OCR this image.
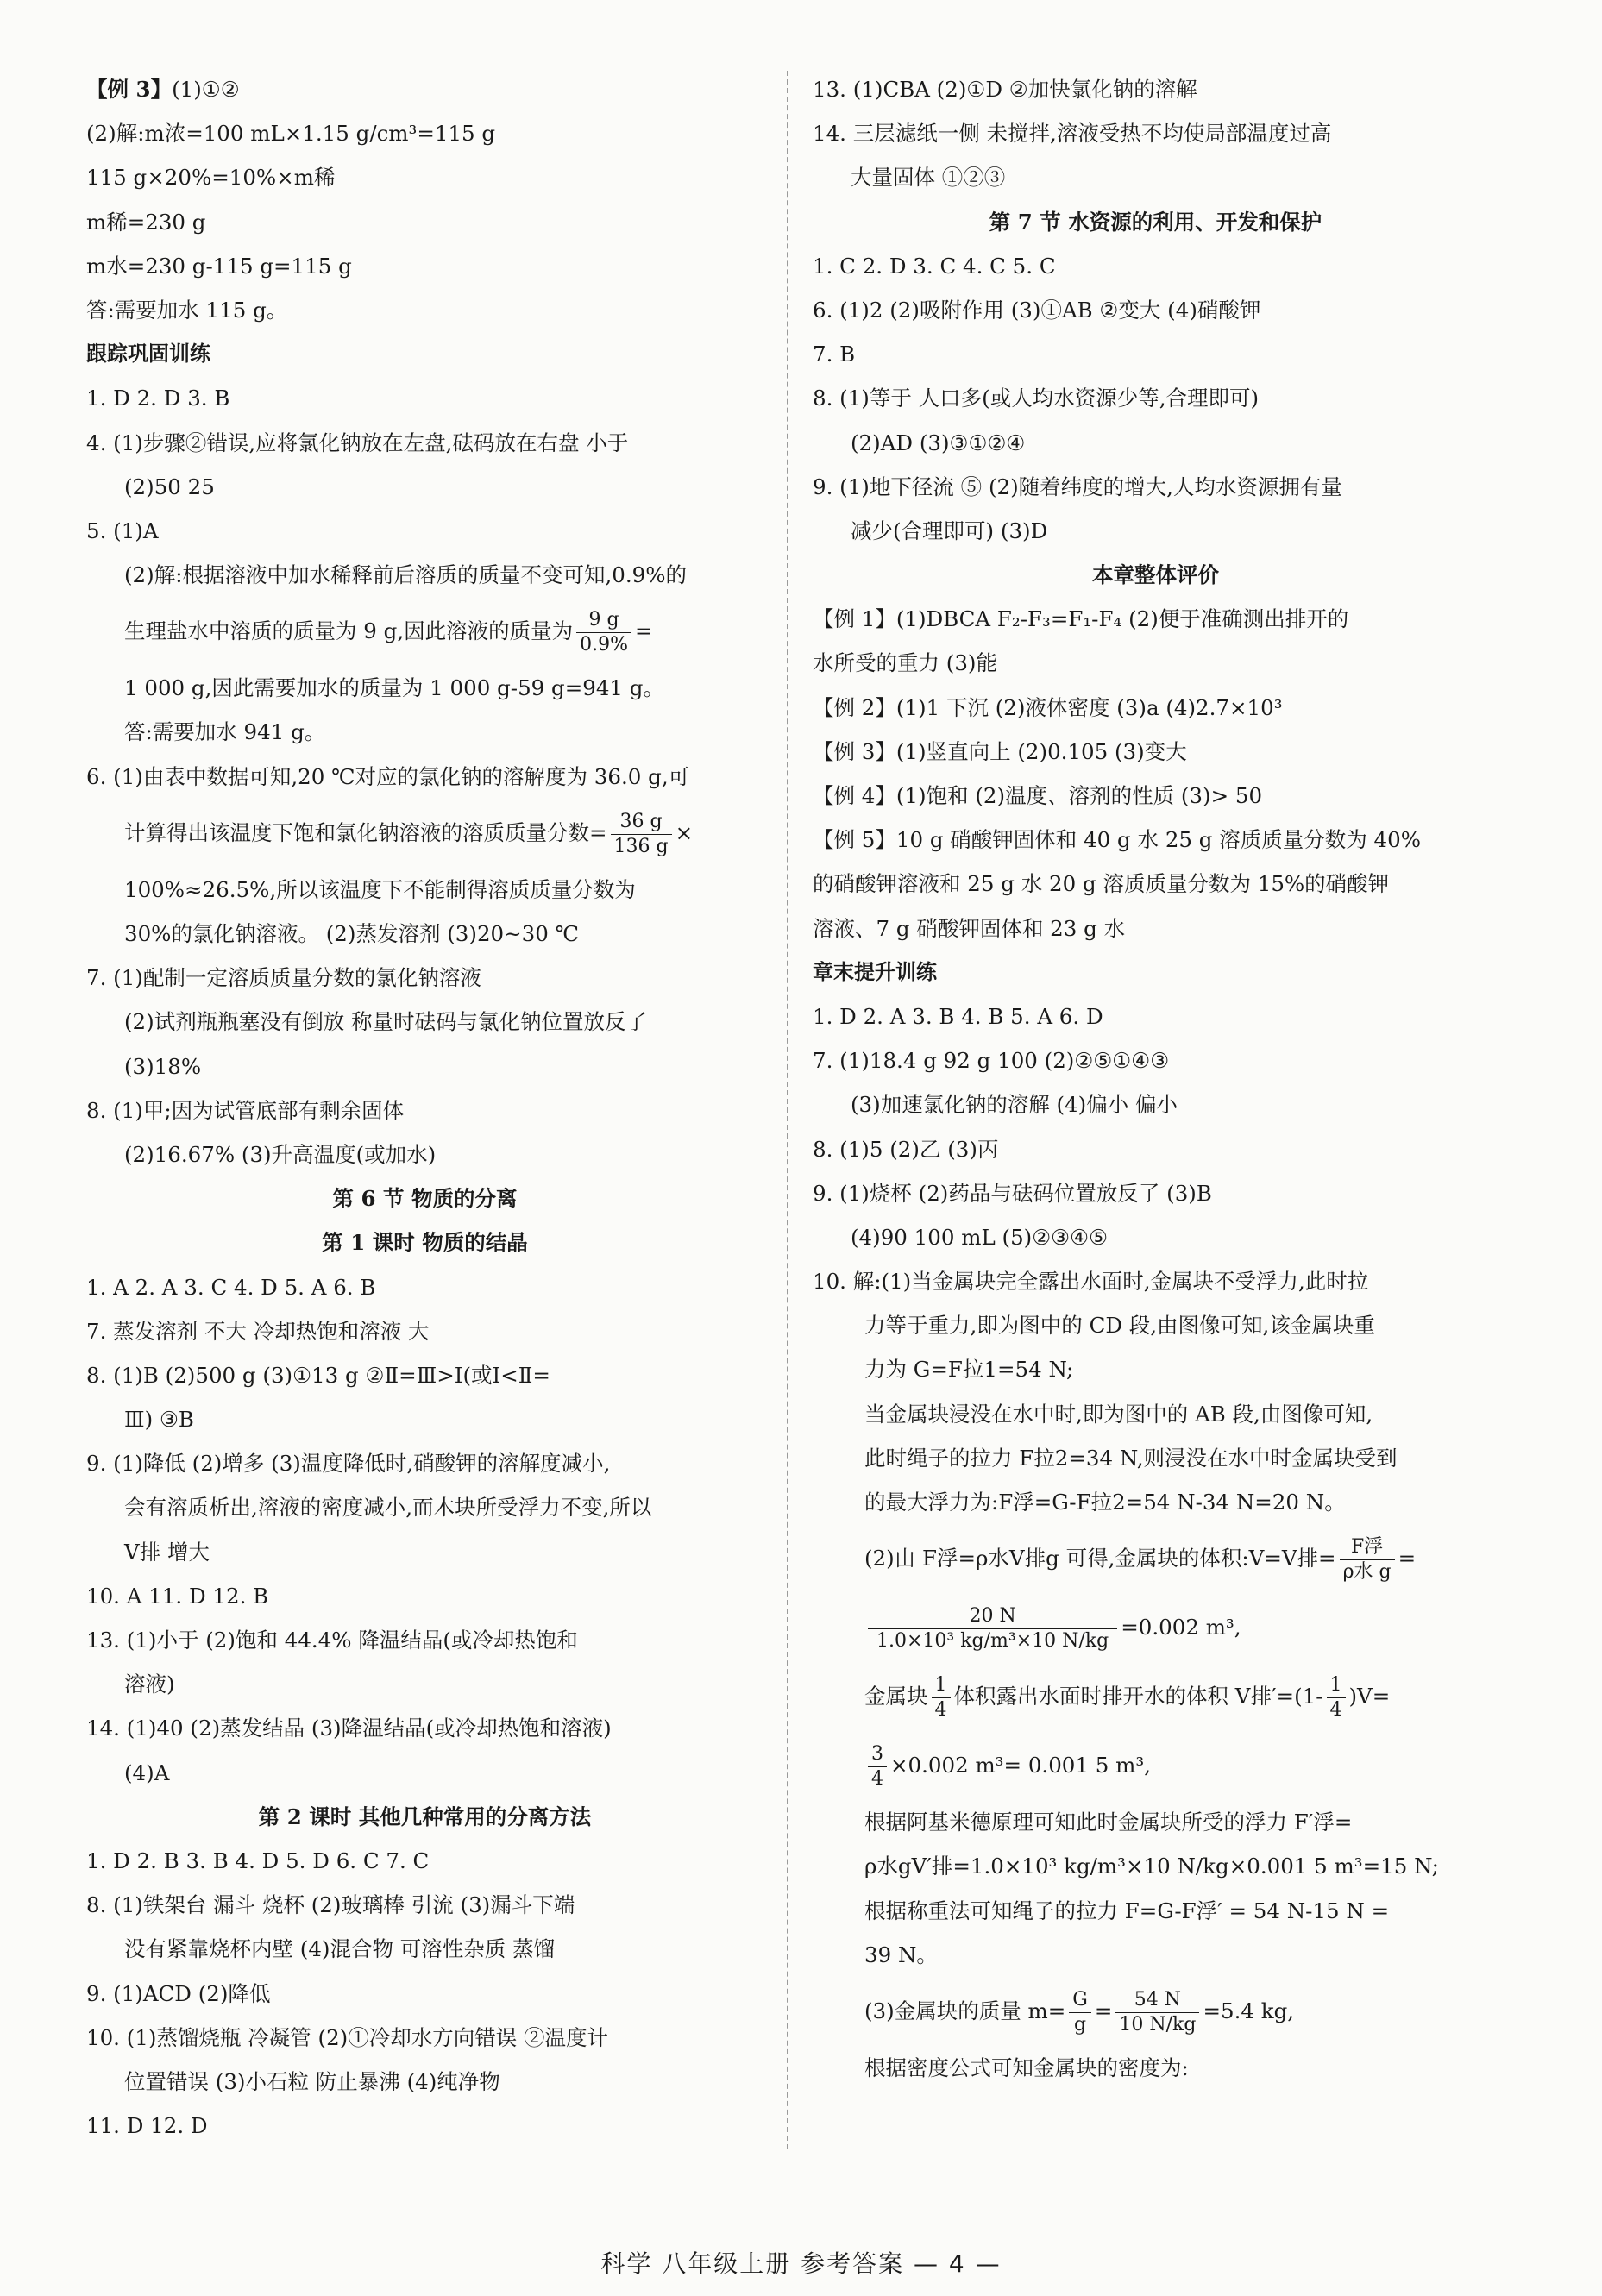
【例 3】(1)①②
(2)解:m浓=100 mL×1.15 g/cm³=115 g
115 g×20%=10%×m稀
m稀=230 g
m水=230 g-115 g=115 g
答:需要加水 115 g。
跟踪巩固训练
1. D 2. D 3. B
4. (1)步骤②错误,应将氯化钠放在左盘,砝码放在右盘 小于
(2)50 25
5. (1)A
(2)解:根据溶液中加水稀释前后溶质的质量不变可知,0.9%的
生理盐水中溶质的质量为 9 g,因此溶液的质量为 $\frac{9 g}{0.9\%}$ =
1 000 g,因此需要加水的质量为 1 000 g-59 g=941 g。
答:需要加水 941 g。
6. (1)由表中数据可知,20 ℃对应的氯化钠的溶解度为 36.0 g,可
计算得出该温度下饱和氯化钠溶液的溶质质量分数= $\frac{36 g}{136 g}$ ×
100%≈26.5%,所以该温度下不能制得溶质质量分数为
30%的氯化钠溶液。 (2)蒸发溶剂 (3)20~30 ℃
7. (1)配制一定溶质质量分数的氯化钠溶液
(2)试剂瓶瓶塞没有倒放 称量时砝码与氯化钠位置放反了
(3)18%
8. (1)甲;因为试管底部有剩余固体
(2)16.67% (3)升高温度(或加水)
第 6 节 物质的分离
第 1 课时 物质的结晶
1. A 2. A 3. C 4. D 5. A 6. B
7. 蒸发溶剂 不大 冷却热饱和溶液 大
8. (1)B (2)500 g (3)①13 g ②Ⅱ=Ⅲ>Ⅰ(或Ⅰ<Ⅱ=
Ⅲ) ③B
9. (1)降低 (2)增多 (3)温度降低时,硝酸钾的溶解度减小,
会有溶质析出,溶液的密度减小,而木块所受浮力不变,所以
V排 增大
10. A 11. D 12. B
13. (1)小于 (2)饱和 44.4% 降温结晶(或冷却热饱和
溶液)
14. (1)40 (2)蒸发结晶 (3)降温结晶(或冷却热饱和溶液)
(4)A
第 2 课时 其他几种常用的分离方法
1. D 2. B 3. B 4. D 5. D 6. C 7. C
8. (1)铁架台 漏斗 烧杯 (2)玻璃棒 引流 (3)漏斗下端
没有紧靠烧杯内壁 (4)混合物 可溶性杂质 蒸馏
9. (1)ACD (2)降低
10. (1)蒸馏烧瓶 冷凝管 (2)①冷却水方向错误 ②温度计
位置错误 (3)小石粒 防止暴沸 (4)纯净物
11. D 12. D
13. (1)CBA (2)①D ②加快氯化钠的溶解
14. 三层滤纸一侧 未搅拌,溶液受热不均使局部温度过高
大量固体 ①②③
第 7 节 水资源的利用、开发和保护
1. C 2. D 3. C 4. C 5. C
6. (1)2 (2)吸附作用 (3)①AB ②变大 (4)硝酸钾
7. B
8. (1)等于 人口多(或人均水资源少等,合理即可)
(2)AD (3)③①②④
9. (1)地下径流 ⑤ (2)随着纬度的增大,人均水资源拥有量
减少(合理即可) (3)D
本章整体评价
【例 1】(1)DBCA F₂-F₃=F₁-F₄ (2)便于准确测出排开的
水所受的重力 (3)能
【例 2】(1)1 下沉 (2)液体密度 (3)a (4)2.7×10³
【例 3】(1)竖直向上 (2)0.105 (3)变大
【例 4】(1)饱和 (2)温度、溶剂的性质 (3)> 50
【例 5】10 g 硝酸钾固体和 40 g 水 25 g 溶质质量分数为 40%
的硝酸钾溶液和 25 g 水 20 g 溶质质量分数为 15%的硝酸钾
溶液、7 g 硝酸钾固体和 23 g 水
章末提升训练
1. D 2. A 3. B 4. B 5. A 6. D
7. (1)18.4 g 92 g 100 (2)②⑤①④③
(3)加速氯化钠的溶解 (4)偏小 偏小
8. (1)5 (2)乙 (3)丙
9. (1)烧杯 (2)药品与砝码位置放反了 (3)B
(4)90 100 mL (5)②③④⑤
10. 解:(1)当金属块完全露出水面时,金属块不受浮力,此时拉
力等于重力,即为图中的 CD 段,由图像可知,该金属块重
力为 G=F拉1=54 N;
当金属块浸没在水中时,即为图中的 AB 段,由图像可知,
此时绳子的拉力 F拉2=34 N,则浸没在水中时金属块受到
的最大浮力为:F浮=G-F拉2=54 N-34 N=20 N。
(2)由 F浮=ρ水V排g 可得,金属块的体积:V=V排= $\frac{\text{F浮}}{\text{ρ水 g}}$ =
$\frac{20 N}{\text{1.0×10³ kg/m³×10 N/kg}} =0.002$ m³,
金属块 $\frac{1}{4}$ 体积露出水面时排开水的体积 V排$'=(1- \frac{1}{4} )V=$
$\frac{3}{4} \times 0.002$ m³= 0.001 5 m³,
根据阿基米德原理可知此时金属块所受的浮力 F′浮=
ρ水gV′排=1.0×10³ kg/m³×10 N/kg×0.001 5 m³=15 N;
根据称重法可知绳子的拉力 F=G-F浮′ = 54 N-15 N =
39 N。
(3)金属块的质量 $m= \frac{G}{g} = \frac{54 N}{10 N/kg} =5.4$ kg,
根据密度公式可知金属块的密度为:
科学 八年级上册 参考答案 — 4 —
